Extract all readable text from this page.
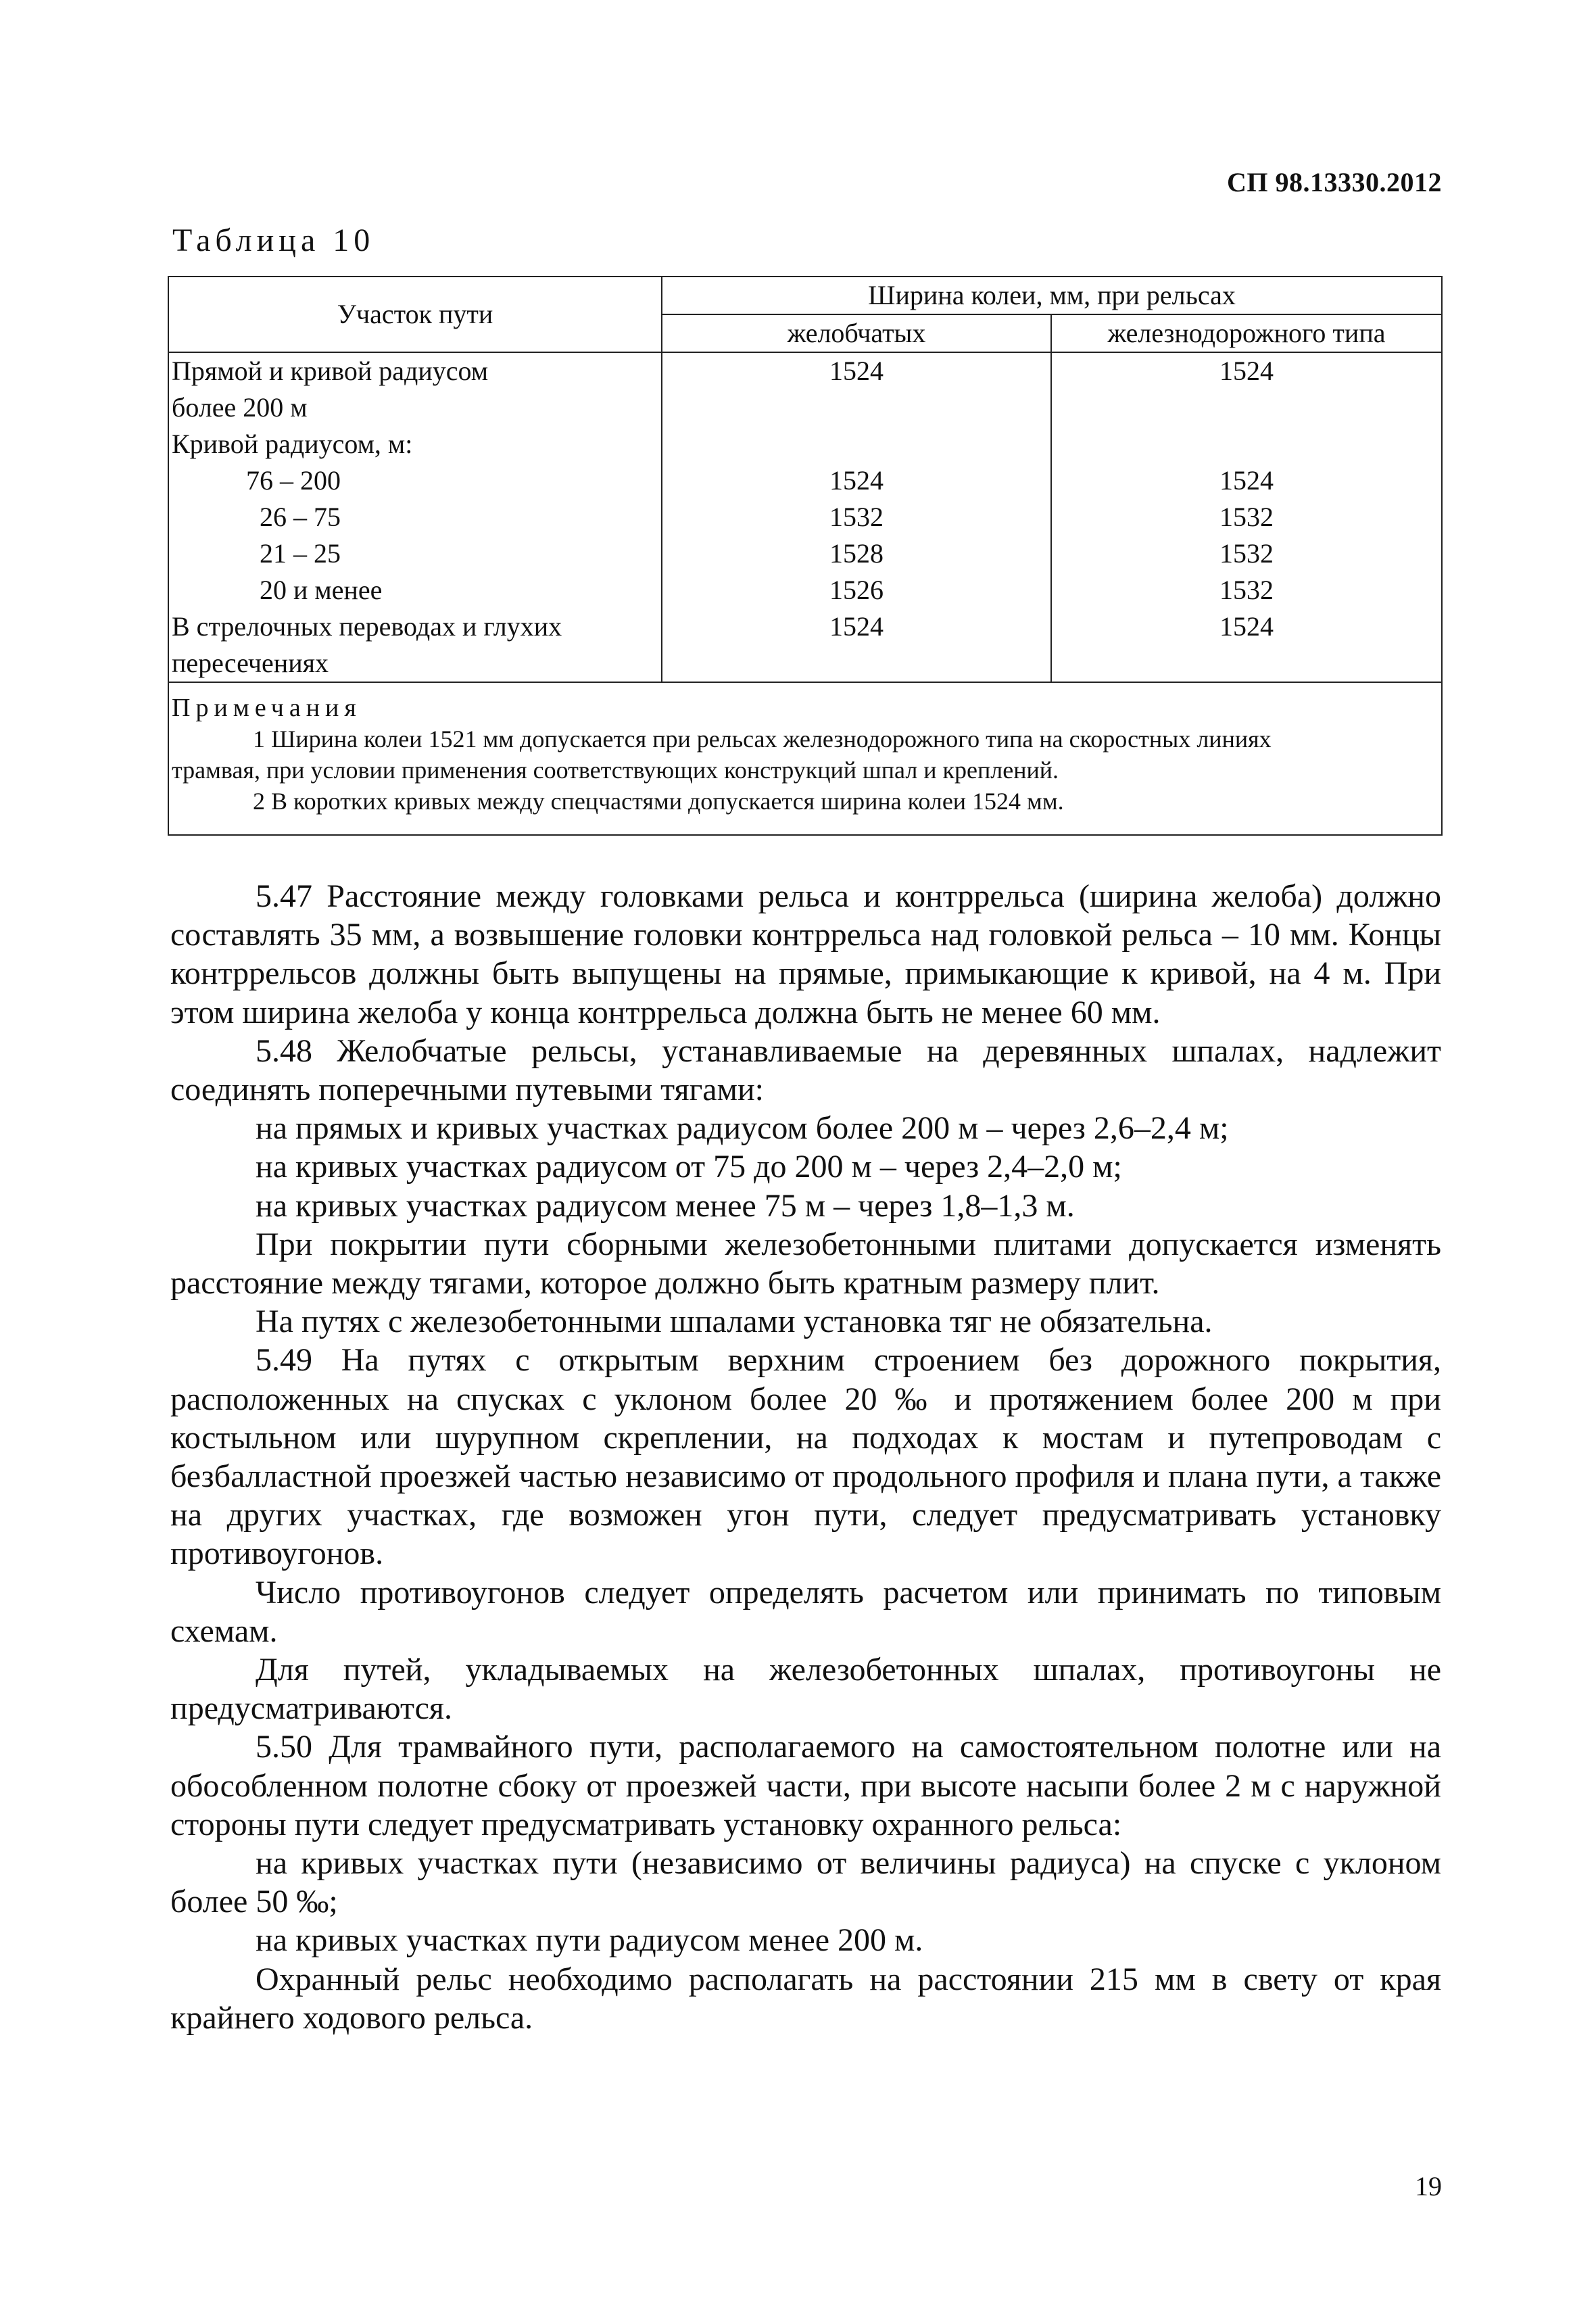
СП 98.13330.2012
Таблица 10
Участок пути	Ширина колеи, мм, при рельсах	
	желобчатых	железнодорожного типа

Прямой и кривой радиусом
более 200 м	1524	1524

Кривой радиусом, м:		

76 – 200	1524	1524

26 – 75	1532	1532

21 – 25	1528	1532

20 и менее	1526	1532

В стрелочных переводах и глухих
пересечениях	1524	1524

Примечания
1 Ширина колеи 1521 мм допускается при рельсах железнодорожного типа на скоростных линиях
трамвая, при условии применения соответствующих конструкций шпал и креплений.
2 В коротких кривых между спецчастями допускается ширина колеи 1524 мм.		

5.47 Расстояние между головками рельса и контррельса (ширина желоба) должно составлять 35 мм, а возвышение головки контррельса над головкой рельса – 10 мм. Концы контррельсов должны быть выпущены на прямые, примыкающие к кривой, на 4 м. При этом ширина желоба у конца контррельса должна быть не менее 60 мм.

5.48 Желобчатые рельсы, устанавливаемые на деревянных шпалах, надлежит соединять поперечными путевыми тягами:

на прямых и кривых участках радиусом более 200 м – через 2,6–2,4 м;

на кривых участках радиусом от 75 до 200 м – через 2,4–2,0 м;

на кривых участках радиусом менее 75 м – через 1,8–1,3 м.

При покрытии пути сборными железобетонными плитами допускается изменять расстояние между тягами, которое должно быть кратным размеру плит.

На путях с железобетонными шпалами установка тяг не обязательна.

5.49 На путях с открытым верхним строением без дорожного покрытия, расположенных на спусках с уклоном более 20 ‰ и протяжением более 200 м при костыльном или шурупном скреплении, на подходах к мостам и путепроводам с безбалластной проезжей частью независимо от продольного профиля и плана пути, а также на других участках, где возможен угон пути, следует предусматривать установку противоугонов.

Число противоугонов следует определять расчетом или принимать по типовым схемам.

Для путей, укладываемых на железобетонных шпалах, противоугоны не предусматриваются.

5.50 Для трамвайного пути, располагаемого на самостоятельном полотне или на обособленном полотне сбоку от проезжей части, при высоте насыпи более 2 м с наружной стороны пути следует предусматривать установку охранного рельса:

на кривых участках пути (независимо от величины радиуса) на спуске с уклоном более 50 ‰;

на кривых участках пути радиусом менее 200 м.

Охранный рельс необходимо располагать на расстоянии 215 мм в свету от края крайнего ходового рельса.

19
